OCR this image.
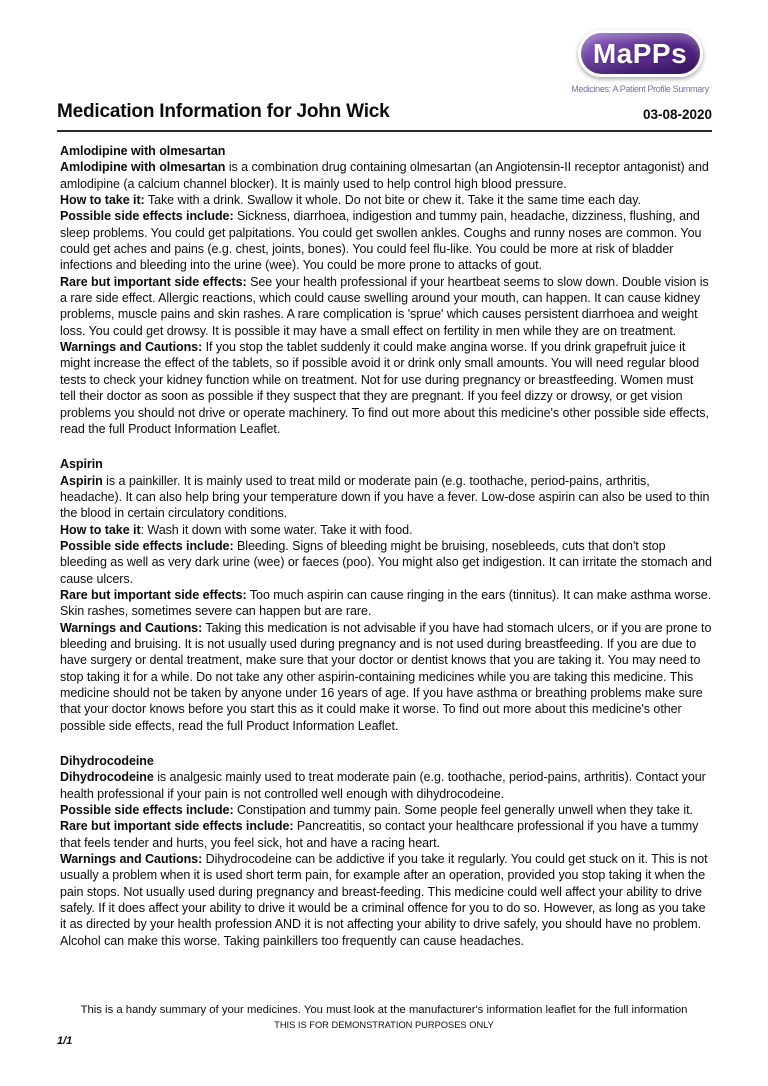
MaPPs
Medicines: A Patient Profile Summary
Medication Information for John Wick	03-08-2020
Amlodipine with olmesartan
Amlodipine with olmesartan is a combination drug containing olmesartan (an Angiotensin-II receptor antagonist) and amlodipine (a calcium channel blocker). It is mainly used to help control high blood pressure.
How to take it: Take with a drink. Swallow it whole. Do not bite or chew it. Take it the same time each day.
Possible side effects include: Sickness, diarrhoea, indigestion and tummy pain, headache, dizziness, flushing, and sleep problems. You could get palpitations. You could get swollen ankles. Coughs and runny noses are common. You could get aches and pains (e.g. chest, joints, bones). You could feel flu-like. You could be more at risk of bladder infections and bleeding into the urine (wee). You could be more prone to attacks of gout.
Rare but important side effects: See your health professional if your heartbeat seems to slow down. Double vision is a rare side effect. Allergic reactions, which could cause swelling around your mouth, can happen. It can cause kidney problems, muscle pains and skin rashes. A rare complication is 'sprue' which causes persistent diarrhoea and weight loss. You could get drowsy. It is possible it may have a small effect on fertility in men while they are on treatment.
Warnings and Cautions: If you stop the tablet suddenly it could make angina worse. If you drink grapefruit juice it might increase the effect of the tablets, so if possible avoid it or drink only small amounts. You will need regular blood tests to check your kidney function while on treatment. Not for use during pregnancy or breastfeeding. Women must tell their doctor as soon as possible if they suspect that they are pregnant. If you feel dizzy or drowsy, or get vision problems you should not drive or operate machinery. To find out more about this medicine's other possible side effects, read the full Product Information Leaflet.
Aspirin
Aspirin is a painkiller. It is mainly used to treat mild or moderate pain (e.g. toothache, period-pains, arthritis, headache). It can also help bring your temperature down if you have a fever. Low-dose aspirin can also be used to thin the blood in certain circulatory conditions.
How to take it: Wash it down with some water. Take it with food.
Possible side effects include: Bleeding. Signs of bleeding might be bruising, nosebleeds, cuts that don't stop bleeding as well as very dark urine (wee) or faeces (poo). You might also get indigestion. It can irritate the stomach and cause ulcers.
Rare but important side effects: Too much aspirin can cause ringing in the ears (tinnitus). It can make asthma worse. Skin rashes, sometimes severe can happen but are rare.
Warnings and Cautions: Taking this medication is not advisable if you have had stomach ulcers, or if you are prone to bleeding and bruising. It is not usually used during pregnancy and is not used during breastfeeding. If you are due to have surgery or dental treatment, make sure that your doctor or dentist knows that you are taking it. You may need to stop taking it for a while. Do not take any other aspirin-containing medicines while you are taking this medicine. This medicine should not be taken by anyone under 16 years of age. If you have asthma or breathing problems make sure that your doctor knows before you start this as it could make it worse. To find out more about this medicine's other possible side effects, read the full Product Information Leaflet.
Dihydrocodeine
Dihydrocodeine is analgesic mainly used to treat moderate pain (e.g. toothache, period-pains, arthritis). Contact your health professional if your pain is not controlled well enough with dihydrocodeine.
Possible side effects include: Constipation and tummy pain. Some people feel generally unwell when they take it.
Rare but important side effects include: Pancreatitis, so contact your healthcare professional if you have a tummy that feels tender and hurts, you feel sick, hot and have a racing heart.
Warnings and Cautions: Dihydrocodeine can be addictive if you take it regularly. You could get stuck on it. This is not usually a problem when it is used short term pain, for example after an operation, provided you stop taking it when the pain stops. Not usually used during pregnancy and breast-feeding. This medicine could well affect your ability to drive safely. If it does affect your ability to drive it would be a criminal offence for you to do so. However, as long as you take it as directed by your health profession AND it is not affecting your ability to drive safely, you should have no problem. Alcohol can make this worse. Taking painkillers too frequently can cause headaches.
This is a handy summary of your medicines. You must look at the manufacturer's information leaflet for the full information
THIS IS FOR DEMONSTRATION PURPOSES ONLY
1/1
